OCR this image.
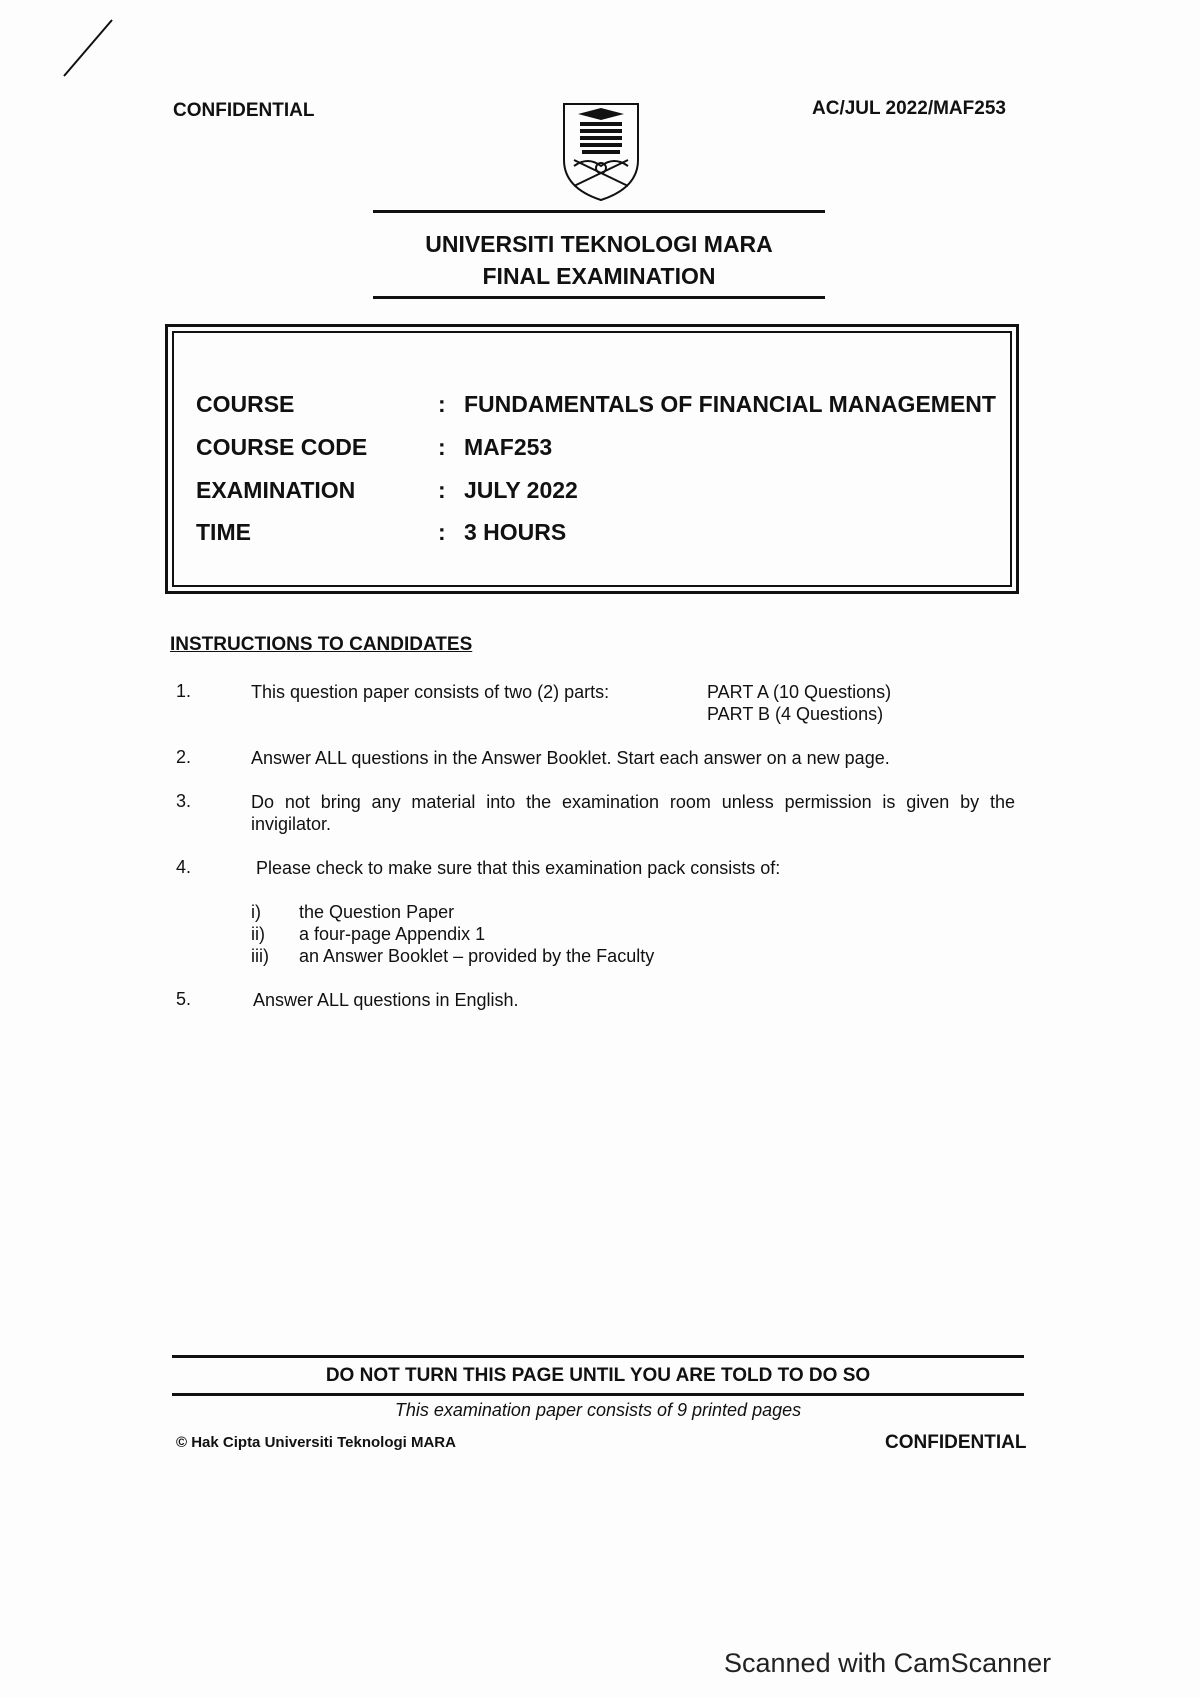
CONFIDENTIAL	AC/JUL 2022/MAF253
UNIVERSITI TEKNOLOGI MARA
FINAL EXAMINATION
COURSE	: FUNDAMENTALS OF FINANCIAL MANAGEMENT
COURSE CODE	: MAF253
EXAMINATION	: JULY 2022
TIME	: 3 HOURS
INSTRUCTIONS TO CANDIDATES
1.	This question paper consists of two (2) parts:	PART A (10 Questions)
PART B (4 Questions)
2.	Answer ALL questions in the Answer Booklet. Start each answer on a new page.
3.	Do not bring any material into the examination room unless permission is given by the invigilator.
4.	Please check to make sure that this examination pack consists of:
i) the Question Paper
ii) a four-page Appendix 1
iii) an Answer Booklet – provided by the Faculty
5.	Answer ALL questions in English.
DO NOT TURN THIS PAGE UNTIL YOU ARE TOLD TO DO SO
This examination paper consists of 9 printed pages
© Hak Cipta Universiti Teknologi MARA	CONFIDENTIAL
Scanned with CamScanner
